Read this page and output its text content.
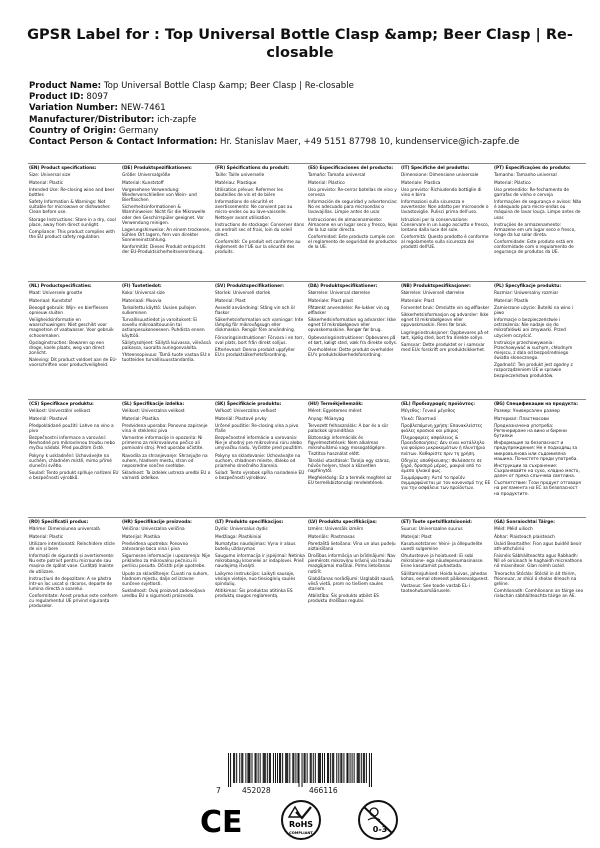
GPSR Label for : Top Universal Bottle Clasp &amp; Beer Clasp | Re-closable
Product Name: Top Universal Bottle Clasp &amp; Beer Clasp | Re-closable
Product ID: 8097
Variation Number: NEW-7461
Manufacturer/Distributor: ich-zapfe
Country of Origin: Germany
Contact Person & Contact Information: Hr. Stanislav Maer, +49 5151 87798 10, kundenservice@ich-zapfe.de

(EN) Product specifications:

Size: Universal size

Material: Plastic

Intended Use: Re-closing wine and beer bottles

Safety Information & Warnings: Not suitable for microwave or dishwasher. Clean before use.

Storage Instructions: Store in a dry, cool place, away from direct sunlight.

Compliance: This product complies with the EU product safety regulation.

(DE) Produktspezifikationen:

Größe: Universalgröße

Material: Kunststoff

Vorgesehene Verwendung: Wiederverschließen von Wein- und Bierflaschen

Sicherheitsinformationen & Warnhinweise: Nicht für die Mikrowelle oder den Geschirrspüler geeignet. Vor Verwendung reinigen.

Lagerungshinweise: An einem trockenen, kühlen Ort lagern, fern von direkter Sonneneinstrahlung.

Konformität: Dieses Produkt entspricht der EU-Produktsicherheitsverordnung.

(FR) Spécifications du produit:

Taille: Taille universelle

Matériau: Plastique

Utilisation prévue: Refermer les bouteilles de vin et de bière

Informations de sécurité et avertissements: Ne convient pas au micro-ondes ou au lave-vaisselle. Nettoyer avant utilisation.

Instructions de stockage: Conserver dans un endroit sec et frais, loin du soleil direct.

Conformité: Ce produit est conforme au règlement de l'UE sur la sécurité des produits.

(ES) Especificaciones del producto:

Tamaño: Tamaño universal

Material: Plástico

Uso previsto: Re-cerrar botellas de vino y cerveza

Información de seguridad y advertencias: No es adecuado para microondas o lavavajillas. Limpie antes de usar.

Instrucciones de almacenamiento: Almacene en un lugar seco y fresco, lejos de la luz solar directa.

Conformidad: Este producto cumple con el reglamento de seguridad de productos de la UE.

(IT) Specifiche del prodotto:

Dimensione: Dimensione universale

Materiale: Plastica

Uso previsto: Richiudendo bottiglie di vino e birra

Informazioni sulla sicurezza e avvertenze: Non adatto per microonde o lavastoviglie. Pulisci prima dell'uso.

Istruzioni per la conservazione: Conservare in un luogo asciutto e fresco, lontano dalla luce del sole.

Conformità: Questo prodotto è conforme al regolamento sulla sicurezza dei prodotti dell'UE.

(PT) Especificações do produto:

Tamanho: Tamanho universal

Material: Plástico

Uso pretendido: Re-fechamento de garrafas de vinho e cerveja

Informações de segurança e avisos: Não é adequado para micro-ondas ou máquina de lavar louça. Limpe antes de usar.

Instruções de armazenamento: Armazene em um lugar seco e fresco, longe da luz solar direta.

Conformidade: Este produto está em conformidade com o regulamento de segurança de produtos da UE.

(NL) Productspecificaties:

Maat: Universele grootte

Materiaal: Kunststof

Beoogd gebruik: Wijn- en bierflessen opnieuw sluiten

Veiligheidsinformatie en waarschuwingen: Niet geschikt voor magnetron of vaatwasser. Voor gebruik schoonmaken.

Opslaginstructies: Bewaren op een droge, koele plaats, weg van direct zonlicht.

Naleving: Dit product voldoet aan de EU-voorschriften voor productveiligheid.

(FI) Tuotetiedot:

Koko: Universal size

Materiaali: Muovia

Tarkoitettu käyttö: Uusien pullojen sulkeminen

Turvallisuustiedot ja varoitukset: Ei sovellu mikroaaltouuniin tai astianpesukoneeseen. Puhdista ennen käyttöä.

Säilytysohjeet: Säilytä kuivassa, viileässä paikassa, suoralta auringonvalolta.

Yhteensopivuus: Tämä tuote vastaa EU:n tuotteiden turvallisuusstandardia.

(SV) Produktspecifikationer:

Storlek: Universell storlek

Material: Plast

Avsedd användning: Stäng vin och öl flaskor

Säkerhetsinformation och varningar: Inte lämplig för mikrovågsugn eller diskmaskin. Rengör före användning.

Förvaringsinstruktioner: Förvara i en torr, sval plats, bort från direkt solljus.

Efterlevnad: Denna produkt uppfyller EU:s produktsäkerhetsförordning.

(DA) Produktspecifikationer:

Størrelse: Universal størrelse

Materiale: Plast plast

Påtænkt anvendelse: Re-lukker vin og ølflasker

Sikkerhedsinformation og advarsler: Ikke egnet til mikrobølgeovn eller opvaskemaskine. Rengør før brug.

Opbevaringsinstruktioner: Opbevares på et tørt, køligt sted, væk fra direkte sollys.

Overholdelse: Dette produkt overholder EU's produktsikkerhedsforordning.

(NB) Produktspesifikasjoner:

Størrelse: Universell størrelse

Materiale: Plast

Forventet bruk: Omslutte vin og ølflasker

Sikkerhetsinformasjon og advarsler: Ikke egnet til mikrobølgeovn eller oppvaskmaskin. Rens før bruk.

Lagringsinstruksjoner: Oppbevares på et tørt, kjølig sted, bort fra direkte sollys.

Samsvar: Dette produktet er i samsvar med EUs forskrift om produktsikkerhet.

(PL) Specyfikacje produktu:

Rozmiar: Uniwersalny rozmiar

Materiał: Plastik

Zamierzone użycie: Butelki na wino i piwo

Informacje o bezpieczeństwie i ostrzeżenia: Nie nadaje się do mikrofalówki ani zmywarki. Przed użyciem oczyścić.

Instrukcje przechowywania: Przechowywać w suchym, chłodnym miejscu, z dala od bezpośredniego światła słonecznego.

Zgodność: Ten produkt jest zgodny z rozporządzeniem UE w sprawie bezpieczeństwa produktów.

(CS) Specifikace produktu:

Velikost: Univerzální velikost

Materiál: Plastové

Předpokládané použití: Lahve na víno a pivo

Bezpečnostní informace a varování: Nevhodné pro mikrovlnnou troubu nebo myčku nádobí. Před použitím čisté.

Pokyny k uskladnění: Uchovávejte na suchém, chladném místě, mimo přímé sluneční světlo.

Soulad: Tento produkt splňuje nařízení EU o bezpečnosti výrobků.

(SL) Specifikacije izdelka:

Velikost: Univerzalna velikost

Material: Plastika

Predvidena uporaba: Ponovno zapiranje vina in steklenic piva

Varnostne informacije in opozorila: Ni primerno za mikrovalovno pečico ali pomivalni stroj. Pred uporabo očistite.

Navodila za shranjevanje: Shranjujte na suhem, hladnem mestu, stran od neposredne sončne svetlobe.

Skladnost: Ta izdelek ustreza uredbi EU o varnosti izdelkov.

(SK) Špecifikácie produktu:

Veľkosť: Univerzálna veľkosť

Materiál: Plastové prvky

Určené použitie: Re-closing vína a pivo fľaše

Bezpečnostné informácie a varovania: Nie je vhodný pre mikrovlnnú rúru alebo umývačku riadu. Vyčistite pred použitím.

Pokyny na skladovanie: Uchovávajte na suchom, chladnom mieste, ďaleko od priameho slnečného žiarenia.

Súlad: Tento výrobok spĺňa nariadenie EÚ o bezpečnosti výrobkov.

(HU) Termékjellemzők:

Méret: Egyetemes méret

Anyag: Műanyag

Tervezett felhasználás: A bor és a sör palackok újraindítása

Biztonsági információk és figyelmeztetések: Nem alkalmas mikrohullámú vagy mosogatógépre. Tisztítsa használat előtt.

Tárolási utasítások: Tárolja egy száraz, hűvös helyen, távol a közvetlen napfénytől.

Megfelelőség: Ez a termék megfelel az EU termékbiztonsági rendeletének.

(EL) Προδιαγραφές προϊόντος:

Μέγεθος: Γενικό μέγεθος

Υλικό: Πλαστικό

Προβλεπόμενη χρήση: Επανακλείστες φιάλες κρασιού και μπίρας

Πληροφορίες ασφάλειας & Προειδοποιήσεις: Δεν είναι κατάλληλο για φούρνο μικροκυμάτων ή πλυντήριο πιάτων. Καθαρίστε πριν τη χρήση.

Οδηγίες αποθήκευσης: Φυλάσσετε σε ξηρό, δροσερό μέρος, μακριά από το άμεσο ηλιακό φως.

Συμμόρφωση: Αυτό το προϊόν συμμορφώνεται με τον κανονισμό της ΕΕ για την ασφάλεια των προϊόντων.

(BG) Спецификации на продукта:

Размер: Универсален размер

Материал: Пластмасови

Предназначена употреба: Регенериране на вино и бирени бутилки

Информация за безопасност и предупреждения: Не е подходящ за микровълнова или съдомиялна машина. Почистете преди употреба.

Инструкции за съхранение: Съхранявайте на сухо, хладно място, далеч от пряка слънчева светлина.

Съответствие: Този продукт отговаря на регламента на ЕС за безопасност на продуктите.

(RO) Specificații produs:

Mărime: Dimensiunea universală

Material: Plastic

Utilizare intenționată: Reînchidere sticle de vin și bere

Informații de siguranță și avertismente: Nu este potrivit pentru microunde sau mașina de spălat vase. Curățați înainte de utilizare.

Instrucțiuni de depozitare: A se păstra într-un loc uscat și răcoros, departe de lumina directă a soarelui.

Conformitate: Acest produs este conform cu regulamentul UE privind siguranța produselor.

(HR) Specifikacije proizvoda:

Veličina: Univerzalna veličina

Materijal: Plastika

Predviđena upotreba: Ponovno zatvaranje boca vina i piva

Sigurnosne informacije i upozorenja: Nije prikladno za mikrovalnu pećnicu ili perilicu posuđa. Očistiti prije upotrebe.

Upute za skladištenje: Čuvati na suhom, hladnom mjestu, dalje od izravne sunčeve svjetlosti.

Sukladnost: Ovaj proizvod zadovoljava uredbu EU o sigurnosti proizvoda.

(LT) Produkto specifikacijos:

Dydis: Universalus dydis

Medžiaga: Plastikiniai

Numatytas naudojimas: Vyno ir alaus butelių uždarymas

Saugumo informacija ir įspėjimai: Netinka mikrobangų krosnelei ar indaplovei. Prieš naudojimą išvalyti.

Laikymo instrukcijos: Laikyti sausoje, vėsioje vietoje, nuo tiesioginių saulės spindulių.

Atitikimas: Šis produktas atitinka ES produktų saugos reglamentą.

(LV) Produktu specifikācijas:

Izmērs: Universāls izmērs

Materiāls: Plastmasas

Paredzētā lietošana: Vīna un alus pudeļu aiztaisīšana

Drošības informācija un brīdinājumi: Nav piemērots mikroviļņu krāsnij vai trauku mazgājamai mašīnai. Pirms lietošanas notīrīt.

Glabāšanas norādījumi: Uzglabāt sausā, vēsā vietā, prom no tiešiem saules stariem.

Atbilstība: Šis produkts atbilst ES produktu drošības regulai.

(ET) Toote spetsifikatsioonid:

Suurus: Universaalne suurus

Materjal: Plast

Kasutusotstarve: Veini- ja õllepudelite uuesti sulgemine

Ohutusteave ja hoiatused: Ei sobi mikrolaine- ega nõudepesumasinasse. Enne kasutamist puhastada.

Säilitamisjuhised: Hoida kuivas, jahedas kohas, eemal otsesest päikesevalgusest.

Vastavus: See toode vastab EL-i tooteohutusmäärusele.

(GA) Sonraíochtaí Táirge:

Méid: Méid uilioch

Ábhar: Plaisteach plaisteach

Úsáid Beartaithe: Fíon agus buidéil beoir ath-athchóiriú

Faisnéis Sábháilteachta agus Rabhadh: Níl sé oiriúnach le haghaidh micreathonn nó miasniteoir. Glan roimh úsáid.

Treoracha Stórála: Stóráil in áit thirim, fhionnuar, ar shiúl ó sholas díreach na gréine.

Comhlíonadh: Comhlíonann an táirge seo rialachán sábháilteachta táirge an AE.

7	452028	466116
CE	RoHS
COMPLIANT	0-3
